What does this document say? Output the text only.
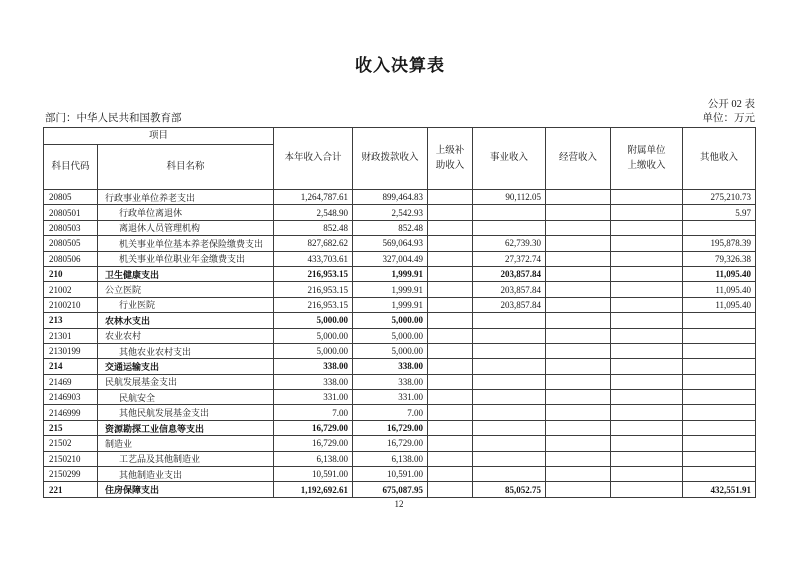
收入决算表
公开 02 表
部门：中华人民共和国教育部	单位：万元
项目		本年收入合计	财政拨款收入	上级补助收入	事业收入	经营收入	附属单位上缴收入	其他收入
科目代码	科目名称							
20805	行政事业单位养老支出	1,264,787.61	899,464.83		90,112.05			275,210.73
2080501	行政单位离退休	2,548.90	2,542.93					5.97
2080503	离退休人员管理机构	852.48	852.48					
2080505	机关事业单位基本养老保险缴费支出	827,682.62	569,064.93		62,739.30			195,878.39
2080506	机关事业单位职业年金缴费支出	433,703.61	327,004.49		27,372.74			79,326.38
210	卫生健康支出	216,953.15	1,999.91		203,857.84			11,095.40
21002	公立医院	216,953.15	1,999.91		203,857.84			11,095.40
2100210	行业医院	216,953.15	1,999.91		203,857.84			11,095.40
213	农林水支出	5,000.00	5,000.00					
21301	农业农村	5,000.00	5,000.00					
2130199	其他农业农村支出	5,000.00	5,000.00					
214	交通运输支出	338.00	338.00					
21469	民航发展基金支出	338.00	338.00					
2146903	民航安全	331.00	331.00					
2146999	其他民航发展基金支出	7.00	7.00					
215	资源勘探工业信息等支出	16,729.00	16,729.00					
21502	制造业	16,729.00	16,729.00					
2150210	工艺品及其他制造业	6,138.00	6,138.00					
2150299	其他制造业支出	10,591.00	10,591.00					
221	住房保障支出	1,192,692.61	675,087.95		85,052.75			432,551.91
12
